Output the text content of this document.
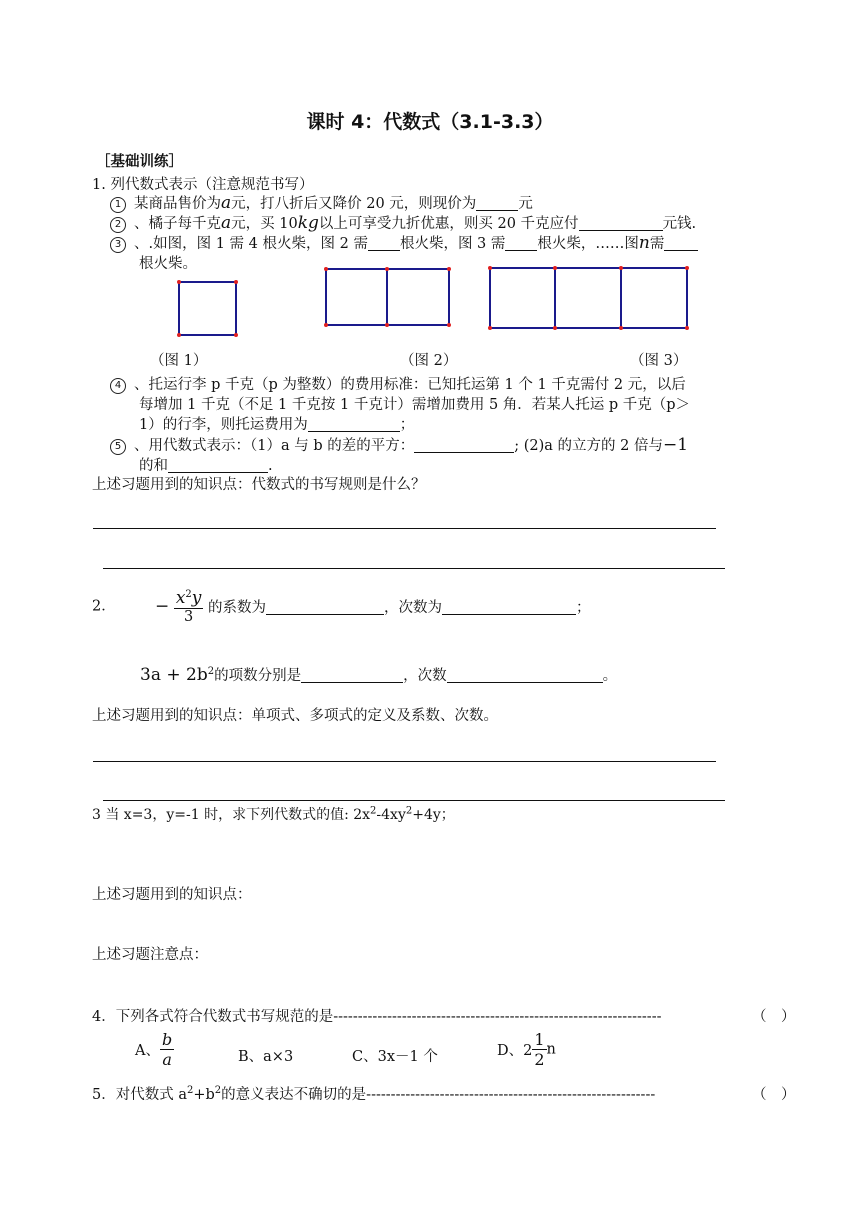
课时 4：代数式（3.1-3.3）
［基础训练］
1. 列代数式表示（注意规范书写）
1 某商品售价为a元，打八折后又降价 20 元，则现价为	元
2 、橘子每千克a元，买 10kg以上可享受九折优惠，则买 20 千克应付	元钱.
3 、.如图，图 1 需 4 根火柴，图 2 需 根火柴，图 3 需 根火柴，……图n需
根火柴。
（图 1）	（图 2）	（图 3）
4 、托运行李 p 千克（p 为整数）的费用标准：已知托运第 1 个 1 千克需付 2 元，以后
每增加 1 千克（不足 1 千克按 1 千克计）需增加费用 5 角．若某人托运 p 千克（p＞
1）的行李，则托运费用为	；
5 、用代数式表示：（1）a 与 b 的差的平方：	; (2)a 的立方的 2 倍与−1
的和	.
上述习题用到的知识点：代数式的书写规则是什么？
2． − $\frac{x^2y}{3}$ 的系数为	，次数为	；
$3a + 2b^2$的项数分别是	，次数	。
上述习题用到的知识点：单项式、多项式的定义及系数、次数。
3 当 x=3，y=-1 时，求下列代数式的值: $2x^2-4xy^2+4y$；
上述习题用到的知识点：
上述习题注意点：
4．下列各式符合代数式书写规范的是-------------------------------------------------------------------	（　）
A、 $\frac{b}{a}$	B、a×3	C、3x－1 个	D、$2 \frac{1}{2}$ n
5．对代数式 $a^2+b^2$的意义表达不确切的是-----------------------------------------------------------	（　）
